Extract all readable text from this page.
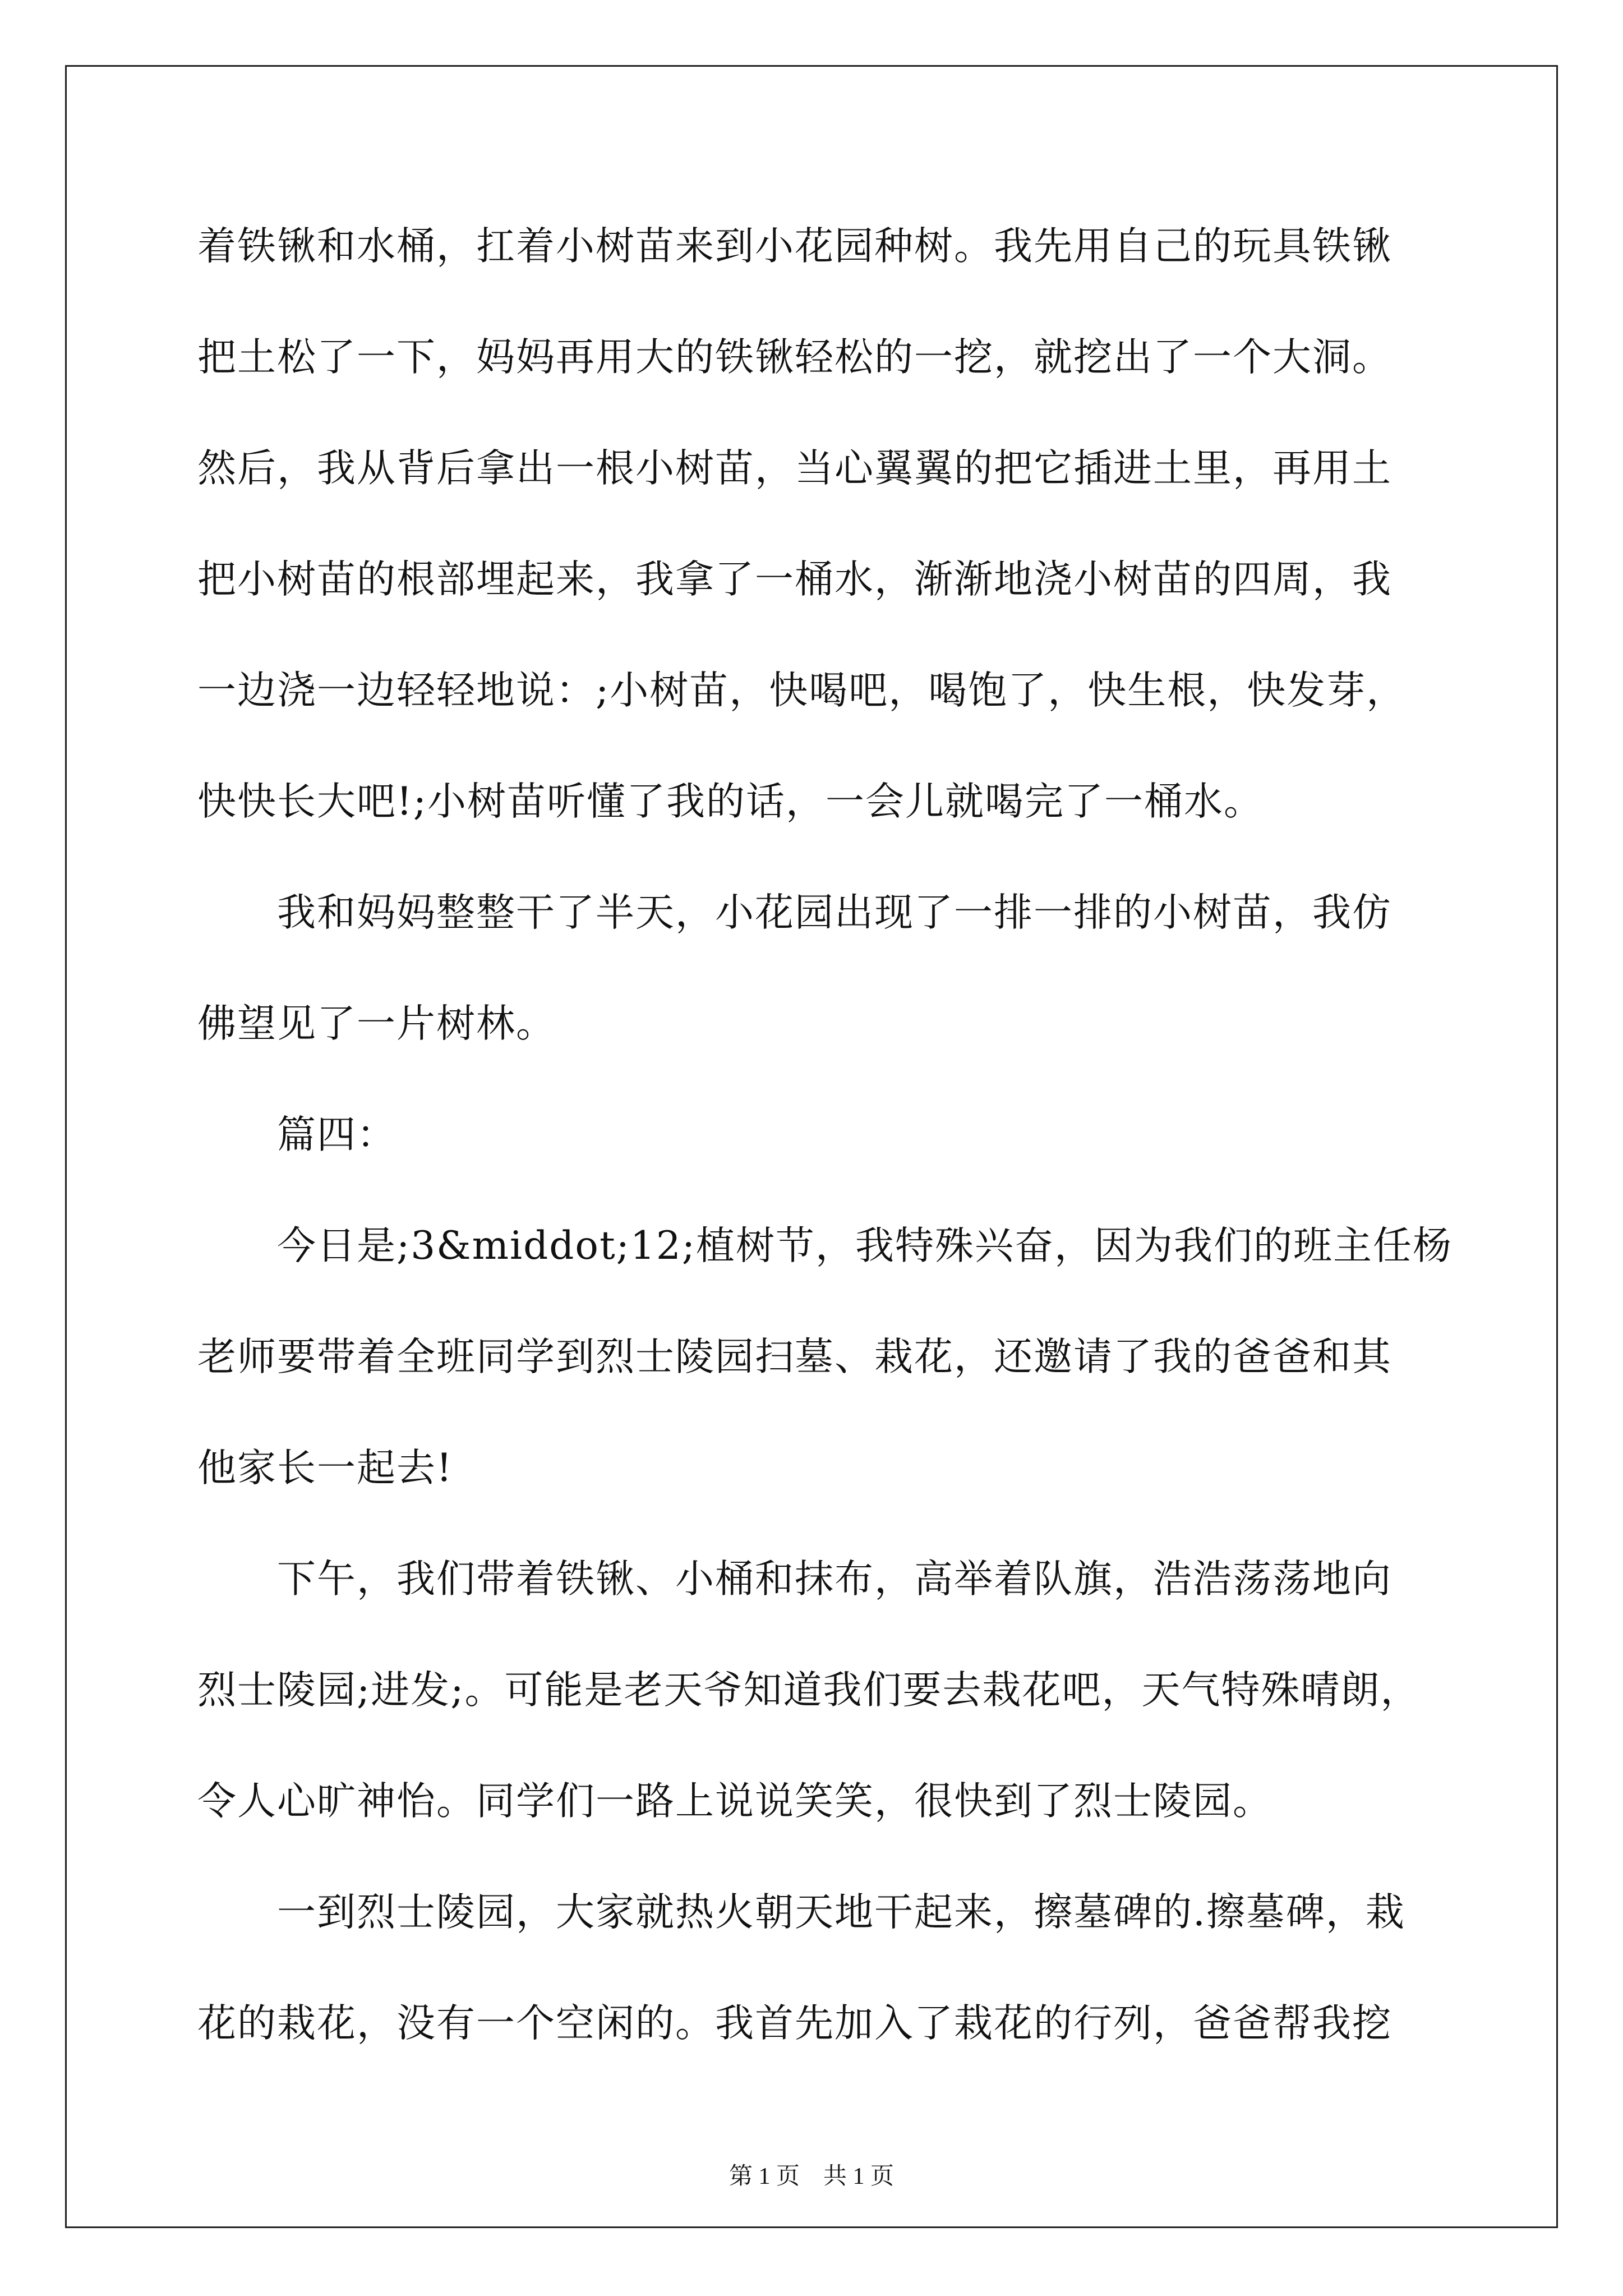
着铁锹和水桶，扛着小树苗来到小花园种树。我先用自己的玩具铁锹
把土松了一下，妈妈再用大的铁锹轻松的一挖，就挖出了一个大洞。
然后，我从背后拿出一根小树苗，当心翼翼的把它插进土里，再用土
把小树苗的根部埋起来，我拿了一桶水，渐渐地浇小树苗的四周，我
一边浇一边轻轻地说：;小树苗，快喝吧，喝饱了，快生根，快发芽，
快快长大吧!;小树苗听懂了我的话，一会儿就喝完了一桶水。
　　我和妈妈整整干了半天，小花园出现了一排一排的小树苗，我仿
佛望见了一片树林。
　　篇四：
　　今日是;3&middot;12;植树节，我特殊兴奋，因为我们的班主任杨
老师要带着全班同学到烈士陵园扫墓、栽花，还邀请了我的爸爸和其
他家长一起去!
　　下午，我们带着铁锹、小桶和抹布，高举着队旗，浩浩荡荡地向
烈士陵园;进发;。可能是老天爷知道我们要去栽花吧，天气特殊晴朗，
令人心旷神怡。同学们一路上说说笑笑，很快到了烈士陵园。
　　一到烈士陵园，大家就热火朝天地干起来，擦墓碑的.擦墓碑，栽
花的栽花，没有一个空闲的。我首先加入了栽花的行列，爸爸帮我挖
第 1 页　共 1 页
